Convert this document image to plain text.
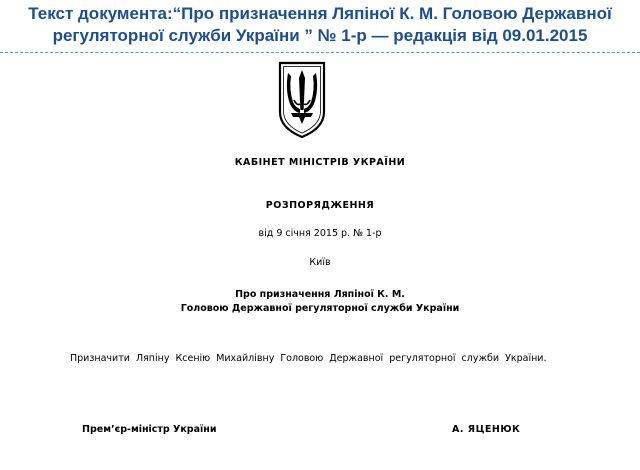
Текст документа:“Про призначення Ляпіної К. М. Головою Державної
регуляторної служби України ” № 1-р — редакція від 09.01.2015
КАБІНЕТ МІНІСТРІВ УКРАЇНИ
РОЗПОРЯДЖЕННЯ
від 9 січня 2015 р. № 1-р
Київ
Про призначення Ляпіної К. М.
Головою Державної регуляторної служби України
Призначити Ляпіну Ксенію Михайлівну Головою Державної регуляторної служби України.
Прем’єр-міністр України	А. ЯЦЕНЮК
